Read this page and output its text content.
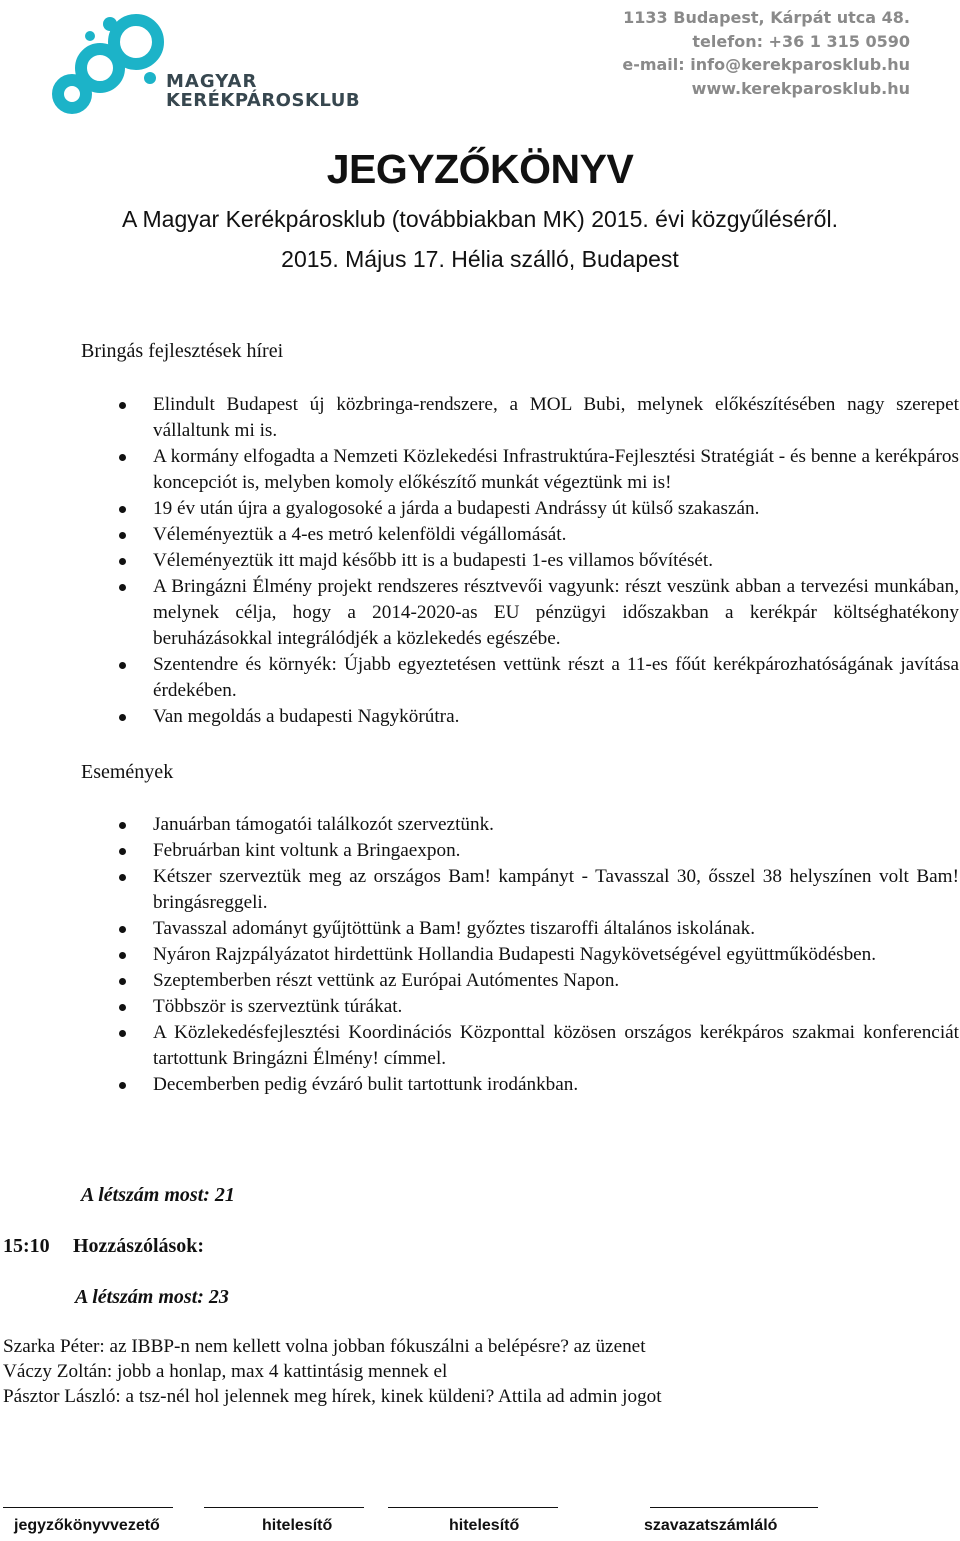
MAGYAR
KERÉKPÁROSKLUB
1133 Budapest, Kárpát utca 48.
telefon: +36 1 315 0590
e-mail: info@kerekparosklub.hu
www.kerekparosklub.hu
JEGYZŐKÖNYV
A Magyar Kerékpárosklub (továbbiakban MK) 2015. évi közgyűléséről.
2015. Május 17. Hélia szálló, Budapest
Bringás fejlesztések hírei
Elindult Budapest új közbringa-rendszere, a MOL Bubi, melynek előkészítésében nagy szerepet vállaltunk mi is.
A kormány elfogadta a Nemzeti Közlekedési Infrastruktúra-Fejlesztési Stratégiát - és benne a kerékpáros koncepciót is, melyben komoly előkészítő munkát végeztünk mi is!
19 év után újra a gyalogosoké a járda a budapesti Andrássy út külső szakaszán.
Véleményeztük a 4-es metró kelenföldi végállomását.
Véleményeztük itt majd később itt is a budapesti 1-es villamos bővítését.
A Bringázni Élmény projekt rendszeres résztvevői vagyunk: részt veszünk abban a tervezési munkában, melynek célja, hogy a 2014-2020-as EU pénzügyi időszakban a kerékpár költséghatékony beruházásokkal integrálódjék a közlekedés egészébe.
Szentendre és környék: Újabb egyeztetésen vettünk részt a 11-es főút kerékpározhatóságának javítása érdekében.
Van megoldás a budapesti Nagykörútra.
Események
Januárban támogatói találkozót szerveztünk.
Februárban kint voltunk a Bringaexpon.
Kétszer szerveztük meg az országos Bam! kampányt - Tavasszal 30, ősszel 38 helyszínen volt Bam! bringásreggeli.
Tavasszal adományt gyűjtöttünk a Bam! győztes tiszaroffi általános iskolának.
Nyáron Rajzpályázatot hirdettünk Hollandia Budapesti Nagykövetségével együttműködésben.
Szeptemberben részt vettünk az Európai Autómentes Napon.
Többször is szerveztünk túrákat.
A Közlekedésfejlesztési Koordinációs Központtal közösen országos kerékpáros szakmai konferenciát tartottunk Bringázni Élmény! címmel.
Decemberben pedig évzáró bulit tartottunk irodánkban.
A létszám most: 21
15:10 Hozzászólások:
A létszám most: 23
Szarka Péter: az IBBP-n nem kellett volna jobban fókuszálni a belépésre? az üzenet
Váczy Zoltán: jobb a honlap, max 4 kattintásig mennek el
Pásztor László: a tsz-nél hol jelennek meg hírek, kinek küldeni? Attila ad admin jogot
jegyzőkönyvvezető	hitelesítő	hitelesítő	szavazatszámláló
